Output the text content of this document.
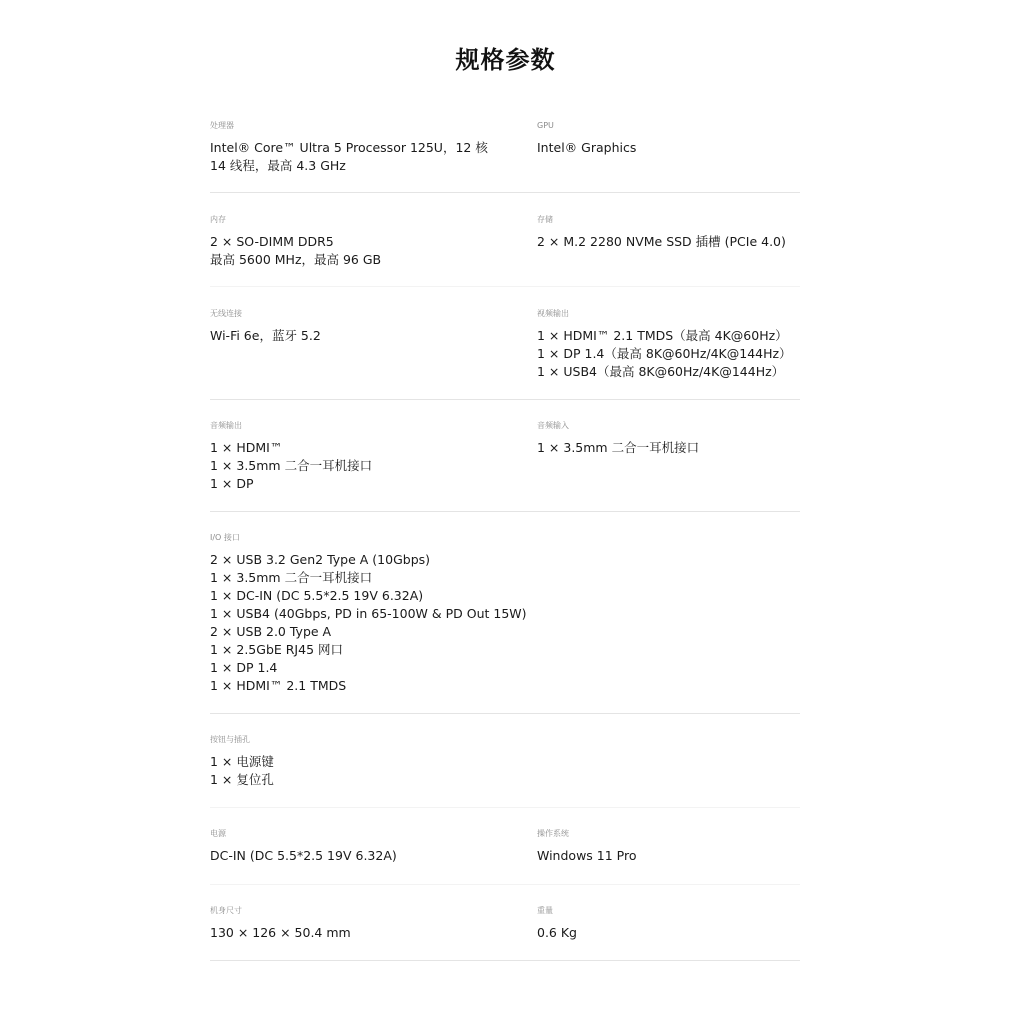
规格参数
处理器
Intel® Core™ Ultra 5 Processor 125U，12 核
14 线程，最高 4.3 GHz
GPU
Intel® Graphics
内存
2 × SO-DIMM DDR5
最高 5600 MHz，最高 96 GB
存储
2 × M.2 2280 NVMe SSD 插槽 (PCIe 4.0)
无线连接
Wi-Fi 6e，蓝牙 5.2
视频输出
1 × HDMI™ 2.1 TMDS（最高 4K@60Hz）
1 × DP 1.4（最高 8K@60Hz/4K@144Hz）
1 × USB4（最高 8K@60Hz/4K@144Hz）
音频输出
1 × HDMI™
1 × 3.5mm 二合一耳机接口
1 × DP
音频输入
1 × 3.5mm 二合一耳机接口
I/O 接口
2 × USB 3.2 Gen2 Type A (10Gbps)
1 × 3.5mm 二合一耳机接口
1 × DC-IN (DC 5.5*2.5 19V 6.32A)
1 × USB4 (40Gbps, PD in 65-100W & PD Out 15W)
2 × USB 2.0 Type A
1 × 2.5GbE RJ45 网口
1 × DP 1.4
1 × HDMI™ 2.1 TMDS
按钮与插孔
1 × 电源键
1 × 复位孔
电源
DC-IN (DC 5.5*2.5 19V 6.32A)
操作系统
Windows 11 Pro
机身尺寸
130 × 126 × 50.4 mm
重量
0.6 Kg
